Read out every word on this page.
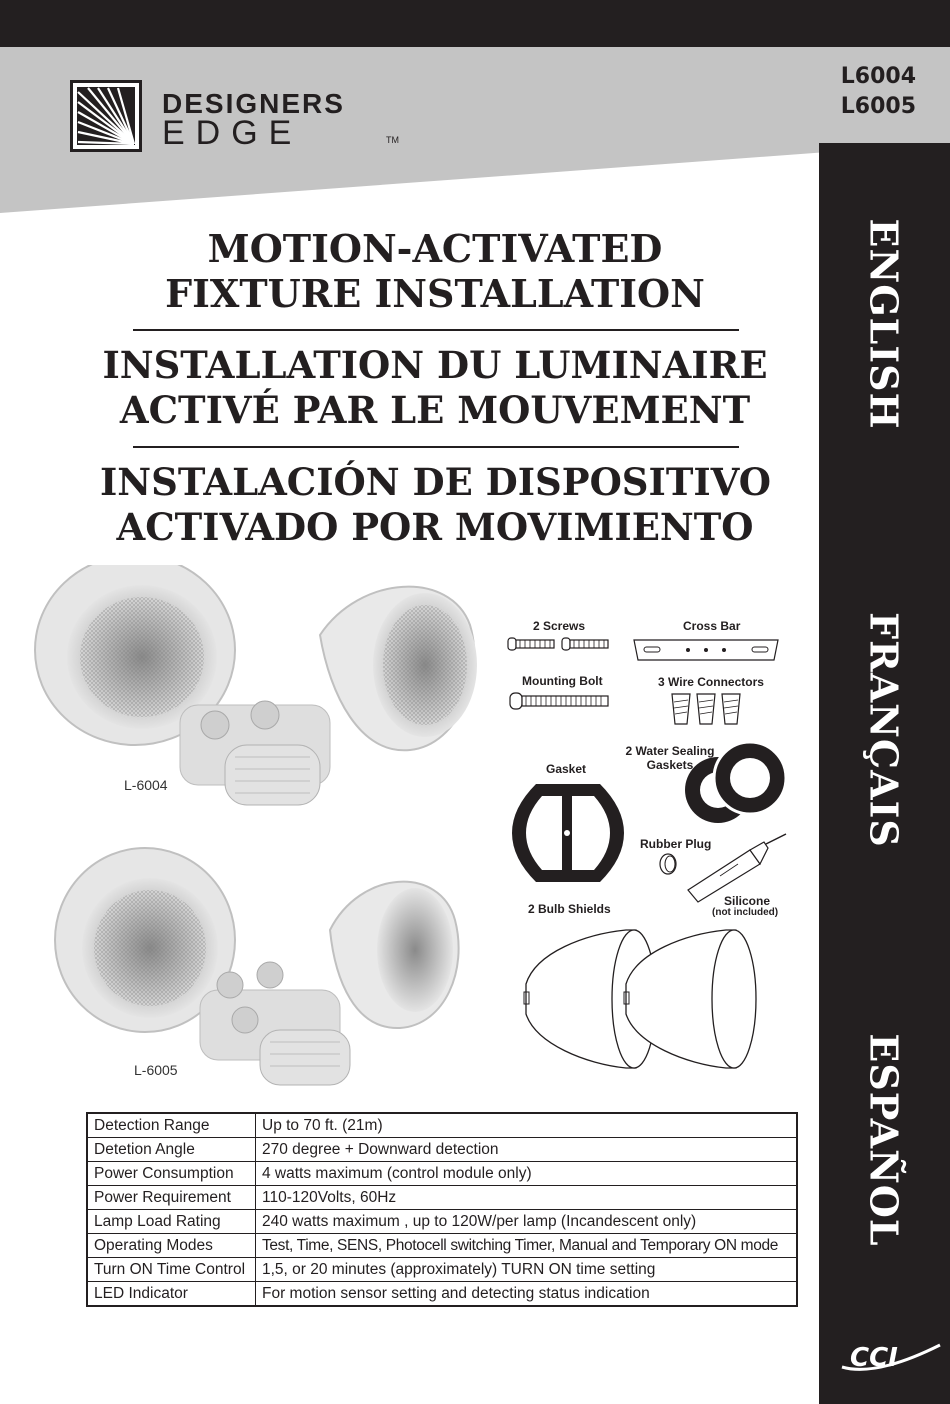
DESIGNERS
EDGE	TM
L6004
L6005
ENGLISH
FRANÇAIS
ESPAÑOL
MOTION-ACTIVATED
FIXTURE INSTALLATION
INSTALLATION DU LUMINAIRE
ACTIVÉ PAR LE MOUVEMENT
INSTALACIÓN DE DISPOSITIVO
ACTIVADO POR MOVIMIENTO
L-6004
L-6005
2 Screws	Cross Bar
Mounting Bolt	3 Wire Connectors
Gasket
2 Water Sealing
Gaskets
Rubber Plug
Silicone
(not included)
2 Bulb Shields
Detection Range	Up to 70 ft. (21m)
Detetion Angle	270 degree + Downward detection
Power Consumption	4 watts maximum (control module only)
Power Requirement	110-120Volts, 60Hz
Lamp Load Rating	240 watts maximum , up to 120W/per lamp (Incandescent only)
Operating Modes	Test, Time, SENS, Photocell switching Timer, Manual and Temporary ON mode
Turn ON Time Control	1,5, or 20 minutes (approximately) TURN ON time setting
LED Indicator	For motion sensor setting and detecting status indication
CCI
